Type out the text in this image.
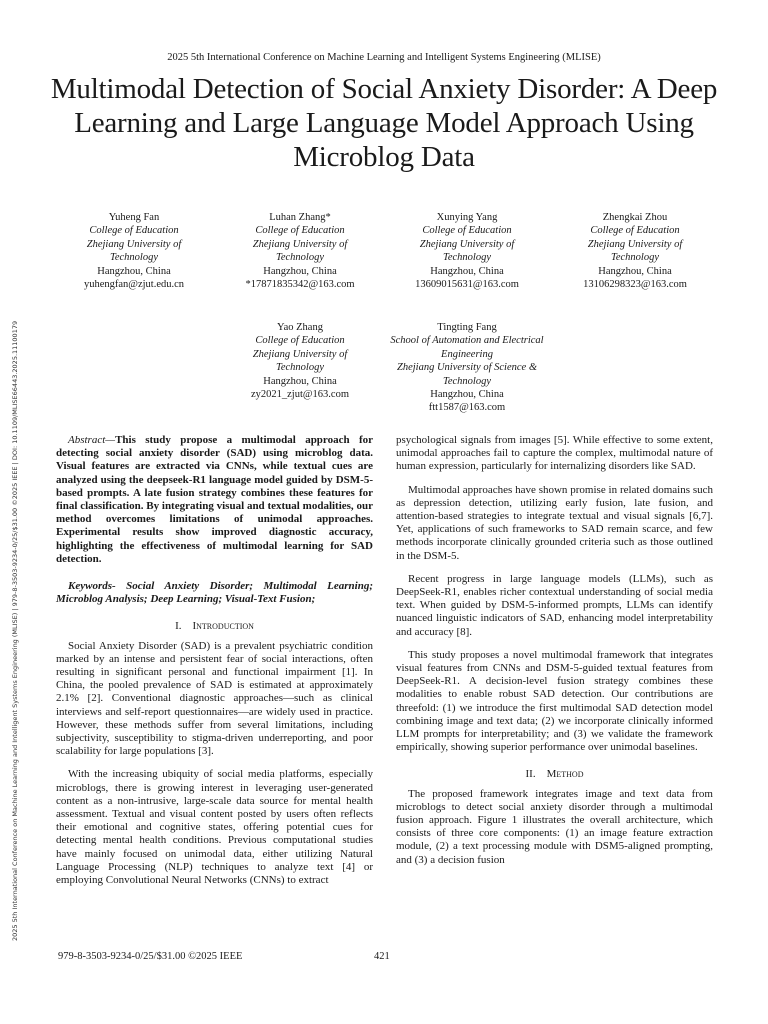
2025 5th International Conference on Machine Learning and Intelligent Systems Engineering (MLISE) | 979-8-3503-9234-0/25/$31.00 ©2025 IEEE | DOI: 10.1109/MLISE66443.2025.11100179
2025 5th International Conference on Machine Learning and Intelligent Systems Engineering (MLISE)
Multimodal Detection of Social Anxiety Disorder: A Deep Learning and Large Language Model Approach Using Microblog Data
Yuheng Fan
College of Education
Zhejiang University of Technology
Hangzhou, China
yuhengfan@zjut.edu.cn
Luhan Zhang*
College of Education
Zhejiang University of Technology
Hangzhou, China
*17871835342@163.com
Xunying Yang
College of Education
Zhejiang University of Technology
Hangzhou, China
13609015631@163.com
Zhengkai Zhou
College of Education
Zhejiang University of Technology
Hangzhou, China
13106298323@163.com
Yao Zhang
College of Education
Zhejiang University of Technology
Hangzhou, China
zy2021_zjut@163.com
Tingting Fang
School of Automation and Electrical Engineering
Zhejiang University of Science & Technology
Hangzhou, China
ftt1587@163.com

Abstract—This study propose a multimodal approach for detecting social anxiety disorder (SAD) using microblog data. Visual features are extracted via CNNs, while textual cues are analyzed using the deepseek-R1 language model guided by DSM-5-based prompts. A late fusion strategy combines these features for final classification. By integrating visual and textual modalities, our method overcomes limitations of unimodal approaches. Experimental results show improved diagnostic accuracy, highlighting the effectiveness of multimodal learning for SAD detection.

Keywords- Social Anxiety Disorder; Multimodal Learning; Microblog Analysis; Deep Learning; Visual-Text Fusion;

I. Introduction

Social Anxiety Disorder (SAD) is a prevalent psychiatric condition marked by an intense and persistent fear of social interactions, often resulting in significant personal and functional impairment [1]. In China, the pooled prevalence of SAD is estimated at approximately 2.1% [2]. Conventional diagnostic approaches—such as clinical interviews and self-report questionnaires—are widely used in practice. However, these methods suffer from several limitations, including subjectivity, susceptibility to stigma-driven underreporting, and poor scalability for large populations [3].

With the increasing ubiquity of social media platforms, especially microblogs, there is growing interest in leveraging user-generated content as a non-intrusive, large-scale data source for mental health assessment. Textual and visual content posted by users often reflects their emotional and cognitive states, offering potential cues for detecting mental health conditions. Previous computational studies have mainly focused on unimodal data, either utilizing Natural Language Processing (NLP) techniques to analyze text [4] or employing Convolutional Neural Networks (CNNs) to extract

psychological signals from images [5]. While effective to some extent, unimodal approaches fail to capture the complex, multimodal nature of human expression, particularly for internalizing disorders like SAD.

Multimodal approaches have shown promise in related domains such as depression detection, utilizing early fusion, late fusion, and attention-based strategies to integrate textual and visual signals [6,7]. Yet, applications of such frameworks to SAD remain scarce, and few methods incorporate clinically grounded criteria such as those outlined in the DSM-5.

Recent progress in large language models (LLMs), such as DeepSeek-R1, enables richer contextual understanding of social media text. When guided by DSM-5-informed prompts, LLMs can identify nuanced linguistic indicators of SAD, enhancing model interpretability and accuracy [8].

This study proposes a novel multimodal framework that integrates visual features from CNNs and DSM-5-guided textual features from DeepSeek-R1. A decision-level fusion strategy combines these modalities to enable robust SAD detection. Our contributions are threefold: (1) we introduce the first multimodal SAD detection model combining image and text data; (2) we incorporate clinically informed LLM prompts for interpretability; and (3) we validate the framework empirically, showing superior performance over unimodal baselines.

II. Method

The proposed framework integrates image and text data from microblogs to detect social anxiety disorder through a multimodal fusion approach. Figure 1 illustrates the overall architecture, which consists of three core components: (1) an image feature extraction module, (2) a text processing module with DSM5-aligned prompting, and (3) a decision fusion

979-8-3503-9234-0/25/$31.00 ©2025 IEEE	421
